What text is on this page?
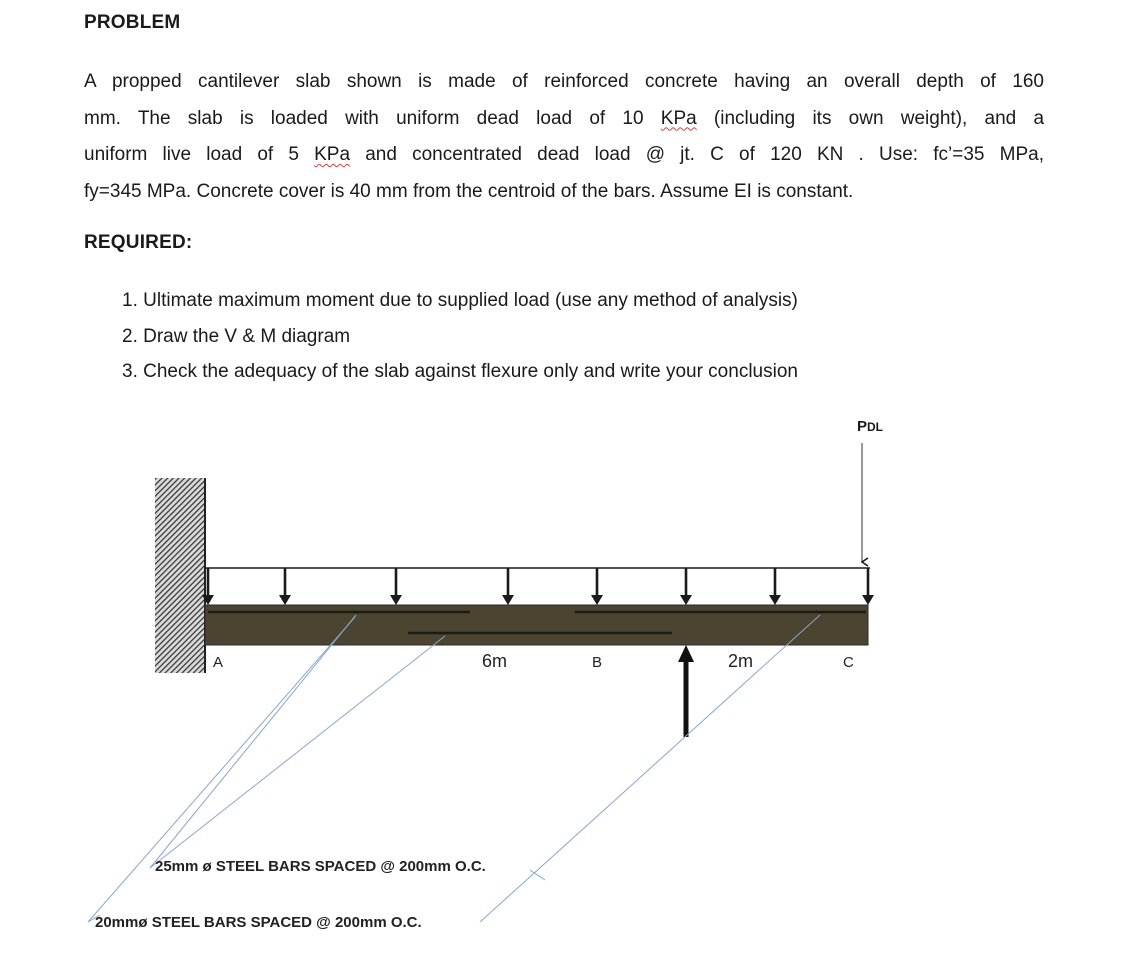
PROBLEM

A propped cantilever slab shown is made of reinforced concrete having an overall depth of 160

mm. The slab is loaded with uniform dead load of 10 KPa (including its own weight), and a

uniform live load of 5 KPa and concentrated dead load @ jt. C of 120 KN . Use: fc’=35 MPa,

fy=345 MPa. Concrete cover is 40 mm from the centroid of the bars. Assume EI is constant.

REQUIRED:
1. Ultimate maximum moment due to supplied load (use any method of analysis)
2. Draw the V & M diagram
3. Check the adequacy of the slab against flexure only and write your conclusion
PDL
A	6m	B	2m	C
25mm ø STEEL BARS SPACED @ 200mm O.C.
20mmø STEEL BARS SPACED @ 200mm O.C.
